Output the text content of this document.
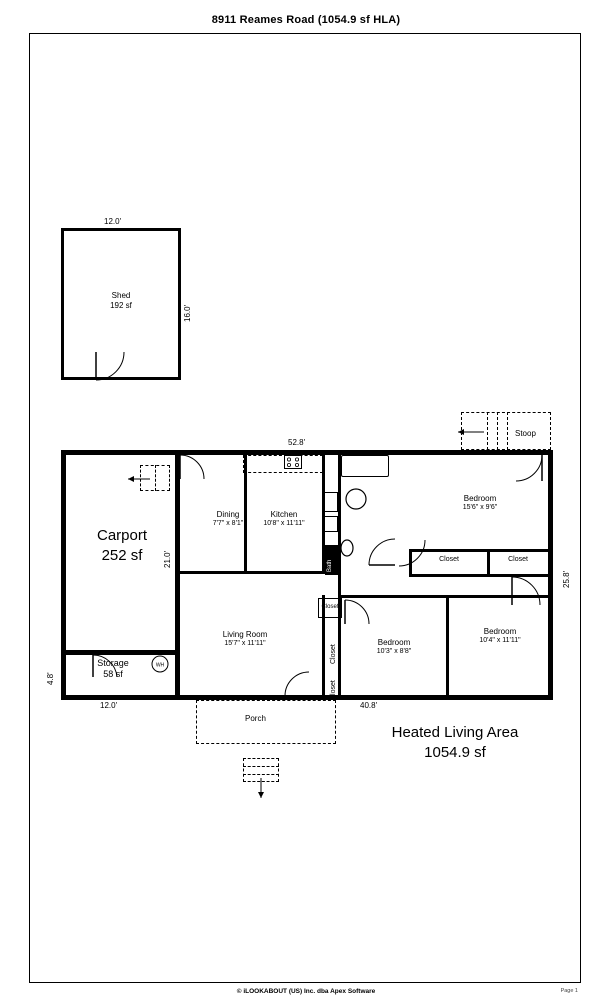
8911 Reames Road (1054.9 sf HLA)
Shed
192 sf
12.0'
16.0'
WH
Stoop
Porch
Dining
7'7" x 8'1"
Kitchen
10'8" x 11'11"
Living Room
15'7" x 11'11"
Bedroom
15'6" x 9'6"
Bedroom
10'4" x 11'11"
Bedroom
10'3" x 8'8"
Closet	Closet
Closet
Closet
Closet
Bath
Carport
252 sf
Storage
58 sf
Heated Living Area
1054.9 sf
52.8'
25.8'
40.8'
21.0'
4.8'
12.0'
© iLOOKABOUT (US) Inc. dba Apex Software	Page 1
